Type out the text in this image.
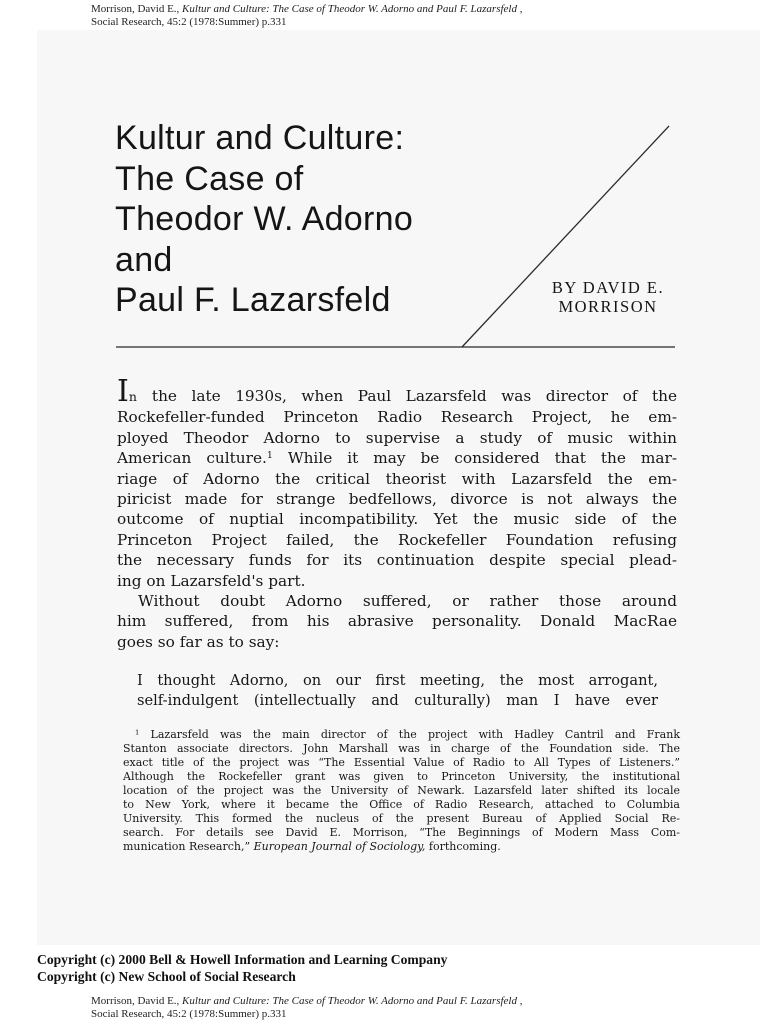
Morrison, David E., Kultur and Culture: The Case of Theodor W. Adorno and Paul F. Lazarsfeld ,
Social Research, 45:2 (1978:Summer) p.331
Kultur and Culture:
The Case of
Theodor W. Adorno
and
Paul F. Lazarsfeld	BY DAVID E.
MORRISON
In the late 1930s, when Paul Lazarsfeld was director of the
Rockefeller-funded Princeton Radio Research Project, he em-
ployed Theodor Adorno to supervise a study of music within
American culture.$^1$ While it may be considered that the mar-
riage of Adorno the critical theorist with Lazarsfeld the em-
piricist made for strange bedfellows, divorce is not always the
outcome of nuptial incompatibility. Yet the music side of the
Princeton Project failed, the Rockefeller Foundation refusing
the necessary funds for its continuation despite special plead-
ing on Lazarsfeld's part.
Without doubt Adorno suffered, or rather those around
him suffered, from his abrasive personality. Donald MacRae
goes so far as to say:
I thought Adorno, on our first meeting, the most arrogant,
self-indulgent (intellectually and culturally) man I have ever
$^1$ Lazarsfeld was the main director of the project with Hadley Cantril and Frank
Stanton associate directors. John Marshall was in charge of the Foundation side. The
exact title of the project was “The Essential Value of Radio to All Types of Listeners.”
Although the Rockefeller grant was given to Princeton University, the institutional
location of the project was the University of Newark. Lazarsfeld later shifted its locale
to New York, where it became the Office of Radio Research, attached to Columbia
University. This formed the nucleus of the present Bureau of Applied Social Re-
search. For details see David E. Morrison, “The Beginnings of Modern Mass Com-
munication Research,” European Journal of Sociology, forthcoming.
Copyright (c) 2000 Bell & Howell Information and Learning Company
Copyright (c) New School of Social Research
Morrison, David E., Kultur and Culture: The Case of Theodor W. Adorno and Paul F. Lazarsfeld ,
Social Research, 45:2 (1978:Summer) p.331
